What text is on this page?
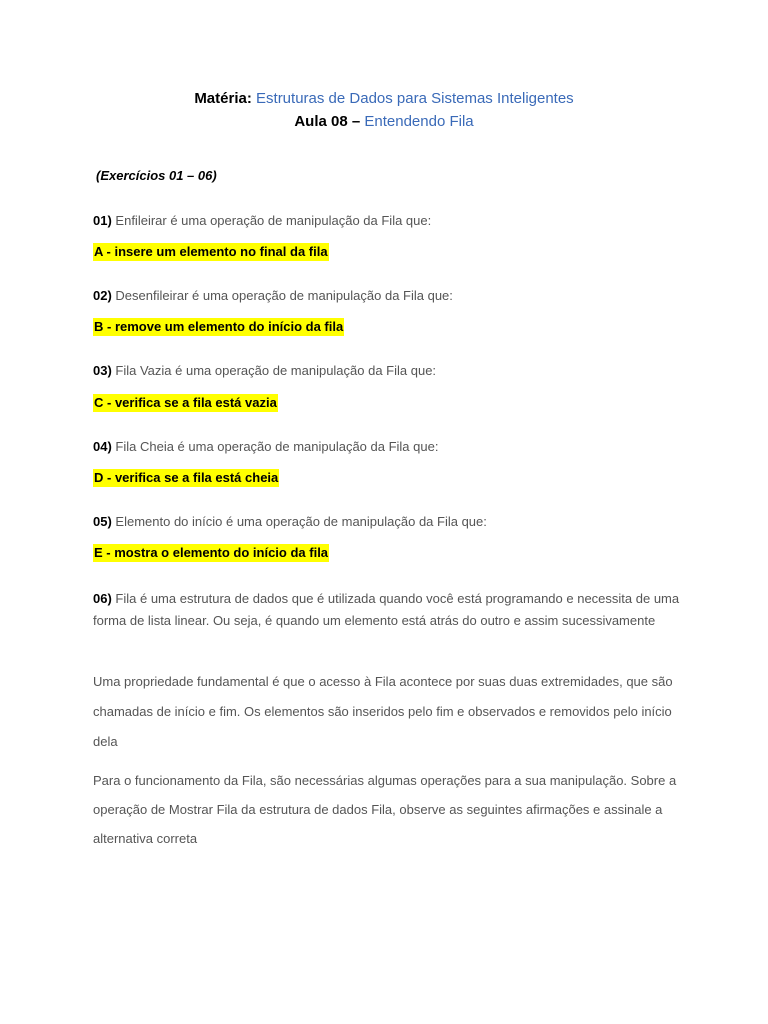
Matéria: Estruturas de Dados para Sistemas Inteligentes
Aula 08 – Entendendo Fila
(Exercícios 01 – 06)
01) Enfileirar é uma operação de manipulação da Fila que:
A - insere um elemento no final da fila
02) Desenfileirar é uma operação de manipulação da Fila que:
B - remove um elemento do início da fila
03) Fila Vazia é uma operação de manipulação da Fila que:
C - verifica se a fila está vazia
04) Fila Cheia é uma operação de manipulação da Fila que:
D - verifica se a fila está cheia
05) Elemento do início é uma operação de manipulação da Fila que:
E - mostra o elemento do início da fila
06) Fila é uma estrutura de dados que é utilizada quando você está programando e necessita de uma forma de lista linear. Ou seja, é quando um elemento está atrás do outro e assim sucessivamente
Uma propriedade fundamental é que o acesso à Fila acontece por suas duas extremidades, que são chamadas de início e fim. Os elementos são inseridos pelo fim e observados e removidos pelo início dela
Para o funcionamento da Fila, são necessárias algumas operações para a sua manipulação. Sobre a operação de Mostrar Fila da estrutura de dados Fila, observe as seguintes afirmações e assinale a alternativa correta
